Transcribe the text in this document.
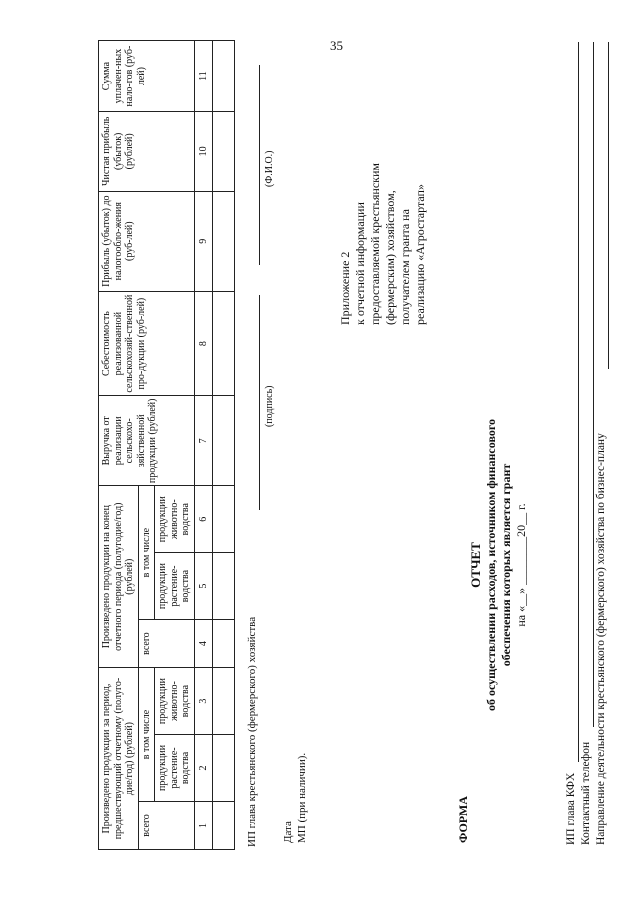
35
Произведено продукции за период, предшествующий отчетному (полуго-дие/год) (рублей)			Произведено продукции на конец отчетного периода (полугодие/год) (рублей)			Выручка от реализации сельскохо-зяйственной продукции (рублей)	Себестоимость реализованной сельскохозяй-ственной про-дукции (руб-лей)	Прибыль (убыток) до налогообло-жения (руб-лей)	Чистая прибыль (убыток) (рублей)	Сумма уплачен-ных нало-гов (руб-лей)
всего	в том числе		всего	в том числе						
	продукции растение-водства	продукции животно-водства		продукции растение-водства	продукции животно-водства					
1	2	3	4	5	6	7	8	9	10	11

ИП глава крестьянского (фермерского) хозяйства
(подпись)
(Ф.И.О.)
Дата МП (при наличии).
Приложение 2 к отчетной информации предоставляемой крестьянским (фермерским) хозяйством, получателем гранта на реализацию «Агростартап»
ФОРМА
ОТЧЕТ об осуществлении расходов, источником финансового обеспечения которых является грант на «__» ________20__ г.
ИП глава КФХ Контактный телефон Направление деятельности крестьянского (фермерского) хозяйства по бизнес-плану
